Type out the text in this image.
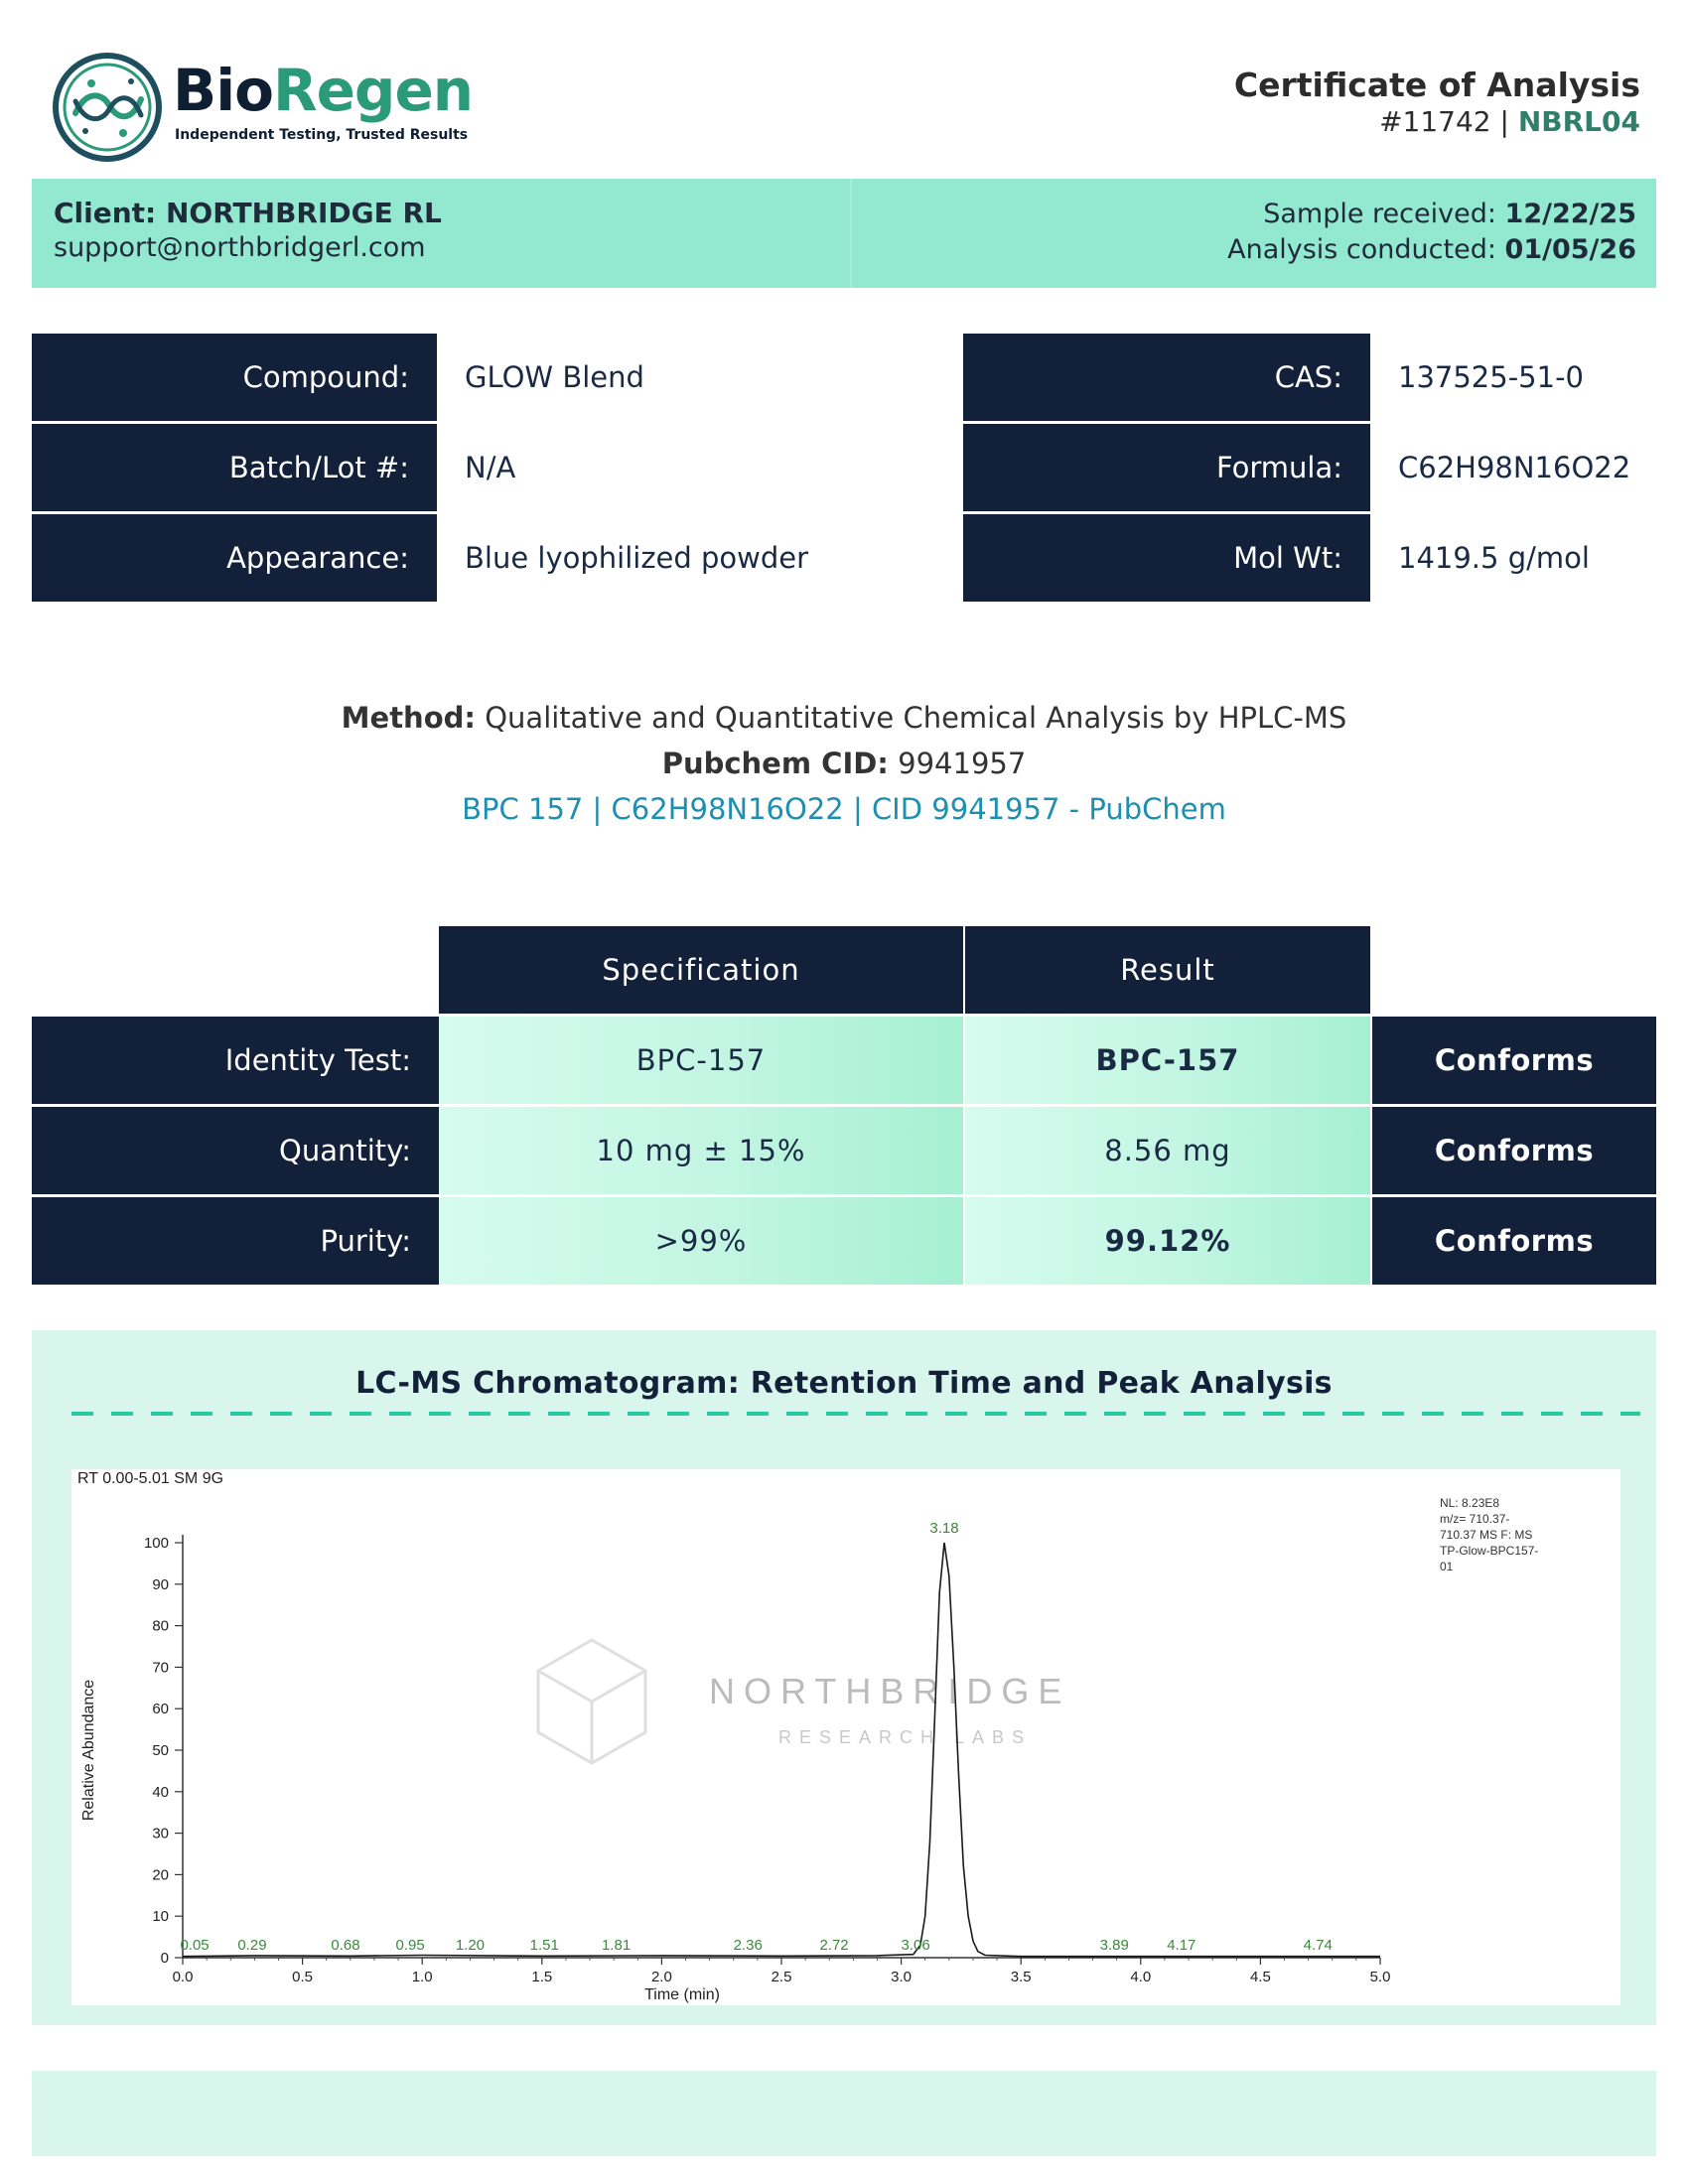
BioRegen
Independent Testing, Trusted Results
Certificate of Analysis
#11742 | NBRL04
Client: NORTHBRIDGE RL
support@northbridgerl.com
Sample received: 12/22/25
Analysis conducted: 01/05/26
Compound:	GLOW Blend
Batch/Lot #:	N/A
Appearance:	Blue lyophilized powder
CAS:	137525-51-0
Formula:	C62H98N16O22
Mol Wt:	1419.5 g/mol
Method: Qualitative and Quantitative Chemical Analysis by HPLC-MS
Pubchem CID: 9941957
BPC 157 | C62H98N16O22 | CID 9941957 - PubChem
Specification	Result
Identity Test:	BPC-157	BPC-157	Conforms
Quantity:	10 mg ± 15%	8.56 mg	Conforms
Purity:	>99%	99.12%	Conforms
LC-MS Chromatogram: Retention Time and Peak Analysis
NORTHBRIDGE
RESEARCH LABS
RT 0.00-5.01 SM 9G
NL: 8.23E8
m/z= 710.37-
710.37 MS F: MS
TP-Glow-BPC157-
01
0
10
20
30
40
50
60
70
80
90
100
0.0	0.5	1.0	1.5	2.0	2.5	3.0	3.5	4.0	4.5	5.0
Time (min)
Relative Abundance
0.05 0.29	0.68 0.95 1.20	1.51	1.81	2.36	2.72	3.06
3.18
3.89	4.17	4.74
